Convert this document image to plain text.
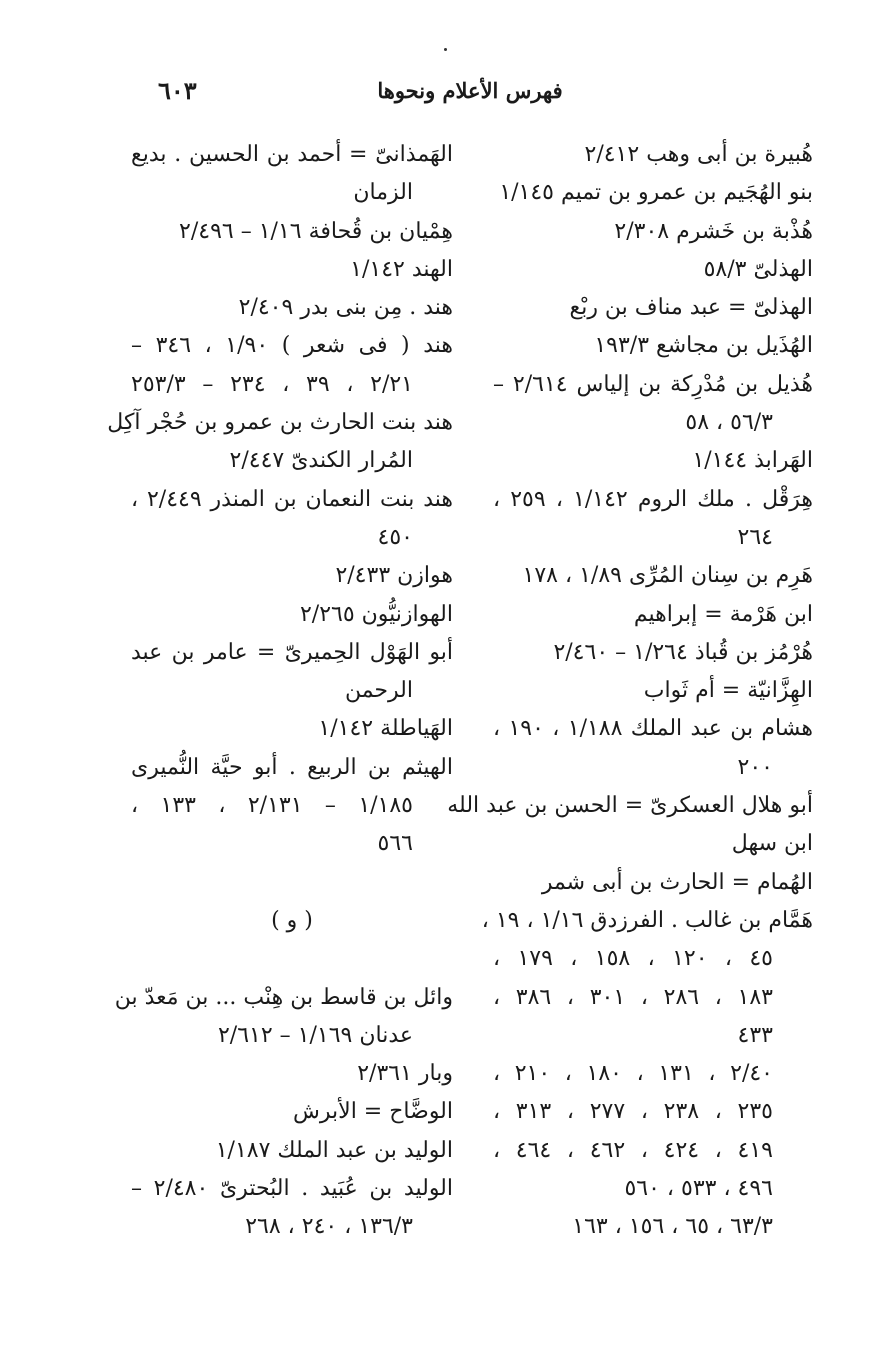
فهرس الأعلام ونحوها
٦٠٣
هُبيرة بن أبى وهب ٢/٤١٢
بنو الهُجَيم بن عمرو بن تميم ١/١٤٥
هُذْبة بن خَشرم ٢/٣٠٨
الهذلىّ ٥٨/٣
الهذلىّ = عبد مناف بن ربْع
الهُذَيل بن مجاشع ١٩٣/٣
هُذيل بن مُدْرِكة بن إلياس ٢/٦١٤ –
٥٦/٣ ، ٥٨
الهَرابذ ١/١٤٤
هِرَقْل . ملك الروم ١/١٤٢ ، ٢٥٩ ،
٢٦٤
هَرِم بن سِنان المُرِّى ١/٨٩ ، ١٧٨
ابن هَرْمة = إبراهيم
هُرْمُز بن قُباذ ١/٢٦٤ – ٢/٤٦٠
الهِزَّانيّة = أم ثَواب
هشام بن عبد الملك ١/١٨٨ ، ١٩٠ ،
٢٠٠
أبو هلال العسكرىّ = الحسن بن عبد الله
ابن سهل
الهُمام = الحارث بن أبى شمر
هَمَّام بن غالب . الفرزدق ١/١٦ ، ١٩ ،
٤٥ ، ١٢٠ ، ١٥٨ ، ١٧٩ ،
١٨٣ ، ٢٨٦ ، ٣٠١ ، ٣٨٦ ،
٤٣٣
٢/٤٠ ، ١٣١ ، ١٨٠ ، ٢١٠ ،
٢٣٥ ، ٢٣٨ ، ٢٧٧ ، ٣١٣ ،
٤١٩ ، ٤٢٤ ، ٤٦٢ ، ٤٦٤ ،
٤٩٦ ، ٥٣٣ ، ٥٦٠
٦٣/٣ ، ٦٥ ، ١٥٦ ، ١٦٣
الهَمذانىّ = أحمد بن الحسين . بديع
الزمان
هِمْيان بن قُحافة ١/١٦ – ٢/٤٩٦
الهند ١/١٤٢
هند . مِن بنى بدر ٢/٤٠٩
هند ( فى شعر ) ١/٩٠ ، ٣٤٦ –
٢/٢١ ، ٣٩ ، ٢٣٤ – ٢٥٣/٣
هند بنت الحارث بن عمرو بن حُجْر آكِل
المُرار الكندىّ ٢/٤٤٧
هند بنت النعمان بن المنذر ٢/٤٤٩ ،
٤٥٠
هوازن ٢/٤٣٣
الهوازنيُّون ٢/٢٦٥
أبو الهَوْل الحِميرىّ = عامر بن عبد
الرحمن
الهَياطلة ١/١٤٢
الهيثم بن الربيع . أبو حيَّة النُّميرى
١/١٨٥ – ٢/١٣١ ، ١٣٣ ،
٥٦٦
( و )
وائل بن قاسط بن هِنْب ... بن مَعدّ بن
عدنان ١/١٦٩ – ٢/٦١٢
وبار ٢/٣٦١
الوضَّاح = الأبرش
الوليد بن عبد الملك ١/١٨٧
الوليد بن عُبَيد . البُحترىّ ٢/٤٨٠ –
١٣٦/٣ ، ٢٤٠ ، ٢٦٨
